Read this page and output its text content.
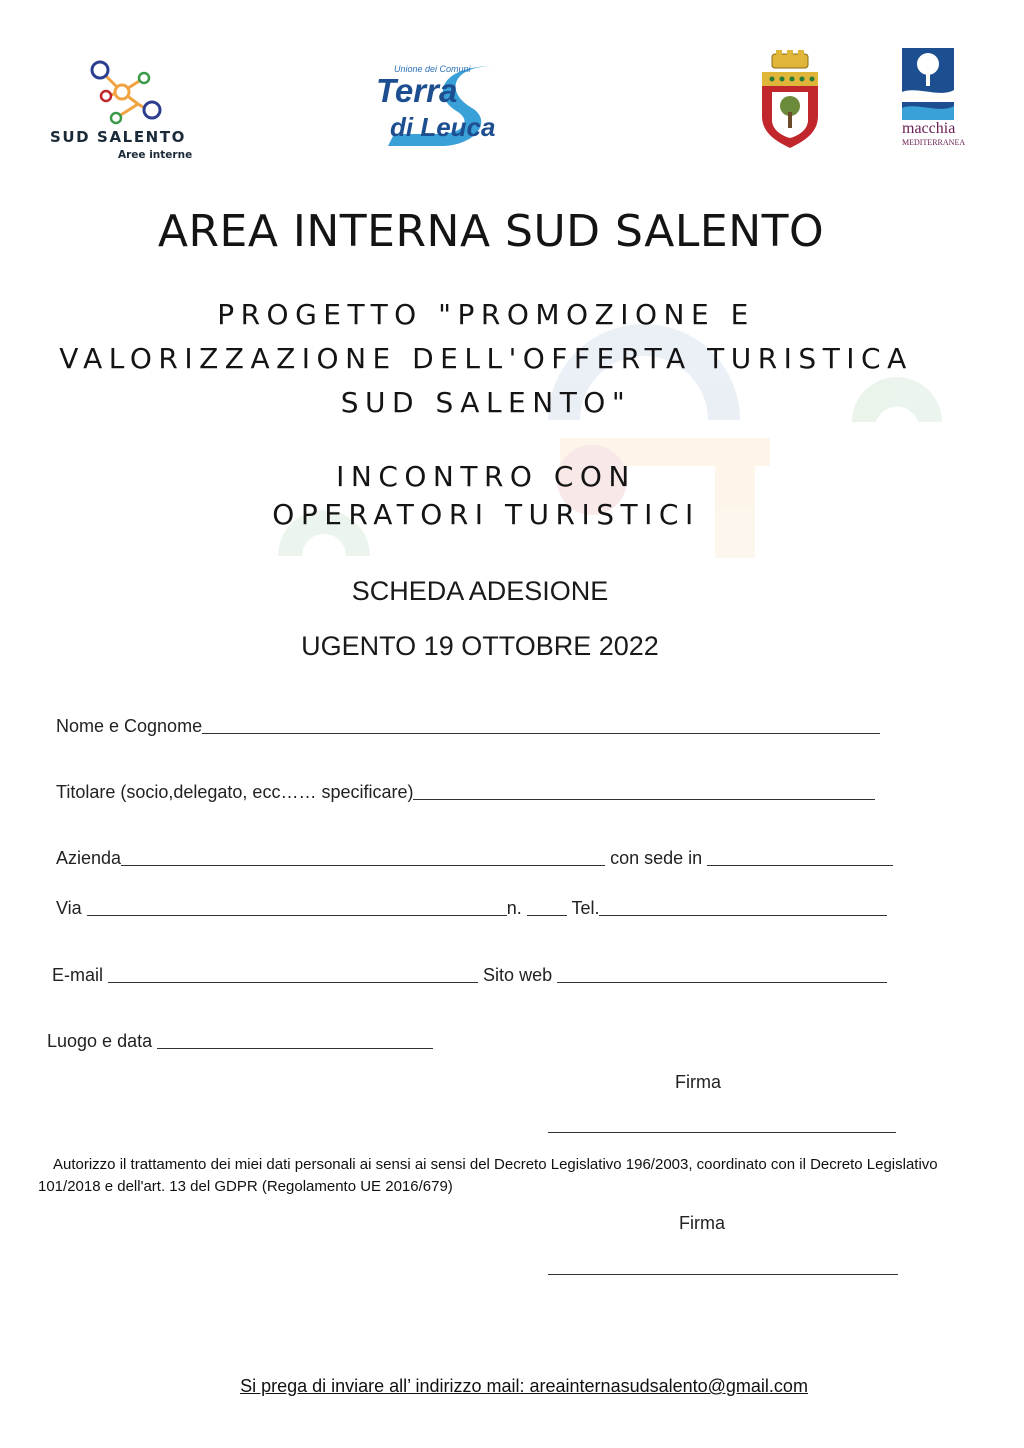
SUD SALENTO
Aree interne
Unione dei Comuni
Terra
di Leuca	macchia
MEDITERRANEA
AREA INTERNA SUD SALENTO
PROGETTO "PROMOZIONE E
VALORIZZAZIONE DELL'OFFERTA TURISTICA
SUD SALENTO"
INCONTRO CON
OPERATORI TURISTICI
SCHEDA ADESIONE
UGENTO 19 OTTOBRE 2022
Nome e Cognome
Titolare (socio,delegato, ecc…… specificare)
Azienda	con sede in
Via	n.	Tel.
E-mail	Sito web
Luogo e data
Firma
Autorizzo il trattamento dei miei dati personali ai sensi ai sensi del Decreto Legislativo 196/2003, coordinato con il Decreto Legislativo 101/2018 e dell'art. 13 del GDPR (Regolamento UE 2016/679)
Firma
Si prega di inviare all’ indirizzo mail: areainternasudsalento@gmail.com
